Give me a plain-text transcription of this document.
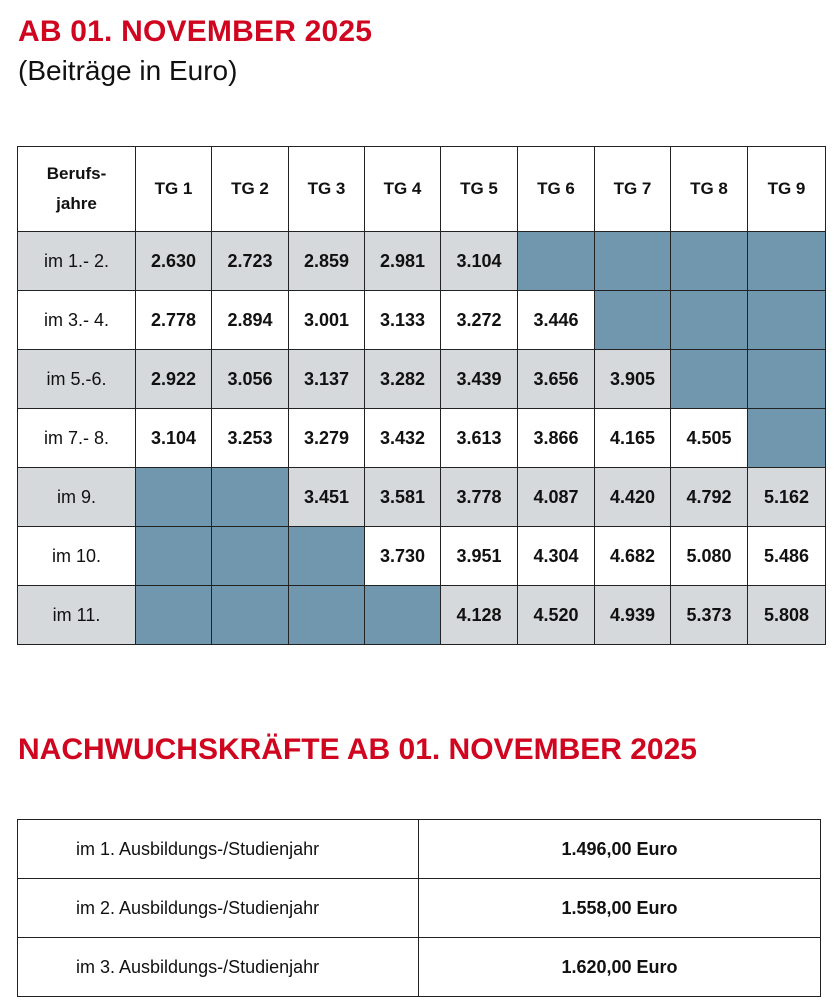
AB 01. NOVEMBER 2025
(Beiträge in Euro)
Berufs-
jahre	TG 1	TG 2	TG 3	TG 4	TG 5	TG 6	TG 7	TG 8	TG 9
im 1.- 2.	2.630	2.723	2.859	2.981	3.104				
im 3.- 4.	2.778	2.894	3.001	3.133	3.272	3.446			
im 5.-6.	2.922	3.056	3.137	3.282	3.439	3.656	3.905		
im 7.- 8.	3.104	3.253	3.279	3.432	3.613	3.866	4.165	4.505	
im 9.			3.451	3.581	3.778	4.087	4.420	4.792	5.162
im 10.				3.730	3.951	4.304	4.682	5.080	5.486
im 11.					4.128	4.520	4.939	5.373	5.808
NACHWUCHSKRÄFTE AB 01. NOVEMBER 2025
im 1. Ausbildungs-/Studienjahr	1.496,00 Euro
im 2. Ausbildungs-/Studienjahr	1.558,00 Euro
im 3. Ausbildungs-/Studienjahr	1.620,00 Euro
